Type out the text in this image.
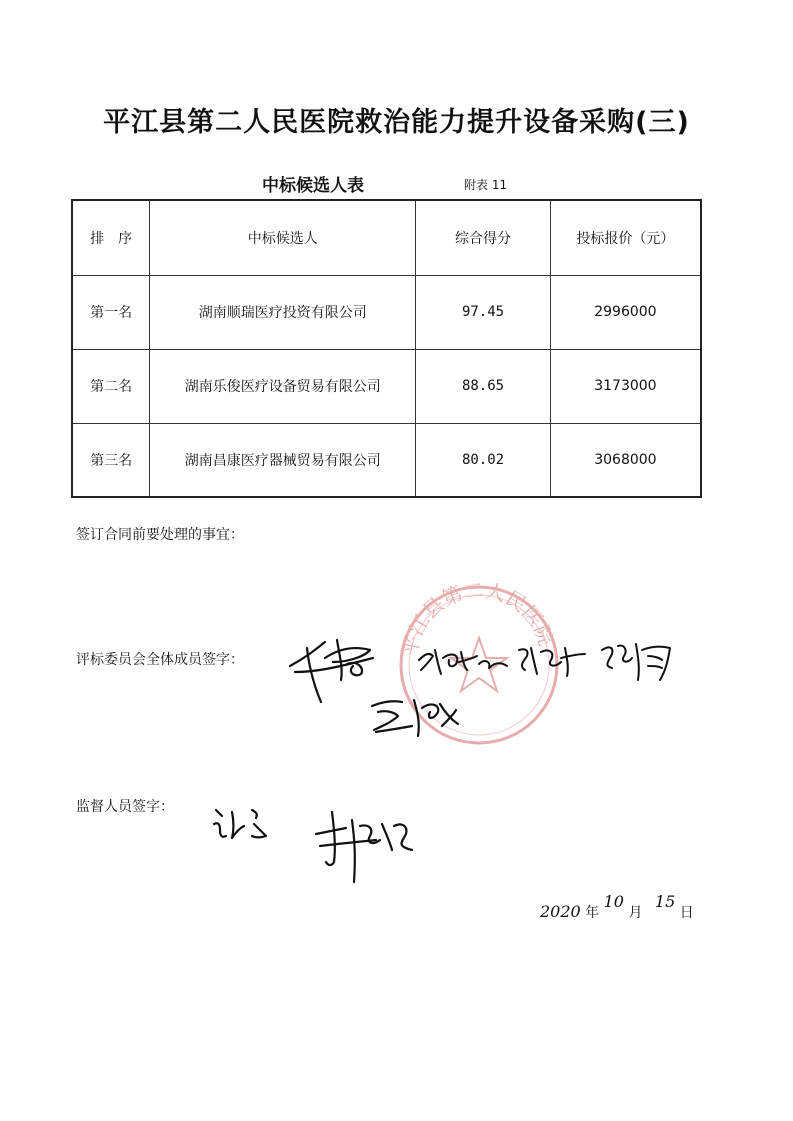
平江县第二人民医院救治能力提升设备采购(三)
中标候选人表	附表 11
排　序	中标候选人	综合得分	投标报价（元）
第一名	湖南顺瑞医疗投资有限公司	97.45	2996000
第二名	湖南乐俊医疗设备贸易有限公司	88.65	3173000
第三名	湖南昌康医疗器械贸易有限公司	80.02	3068000
签订合同前要处理的事宜：
平江县第二人民医院
评标委员会全体成员签字：
监督人员签字：
2020 年 10 月 15 日
